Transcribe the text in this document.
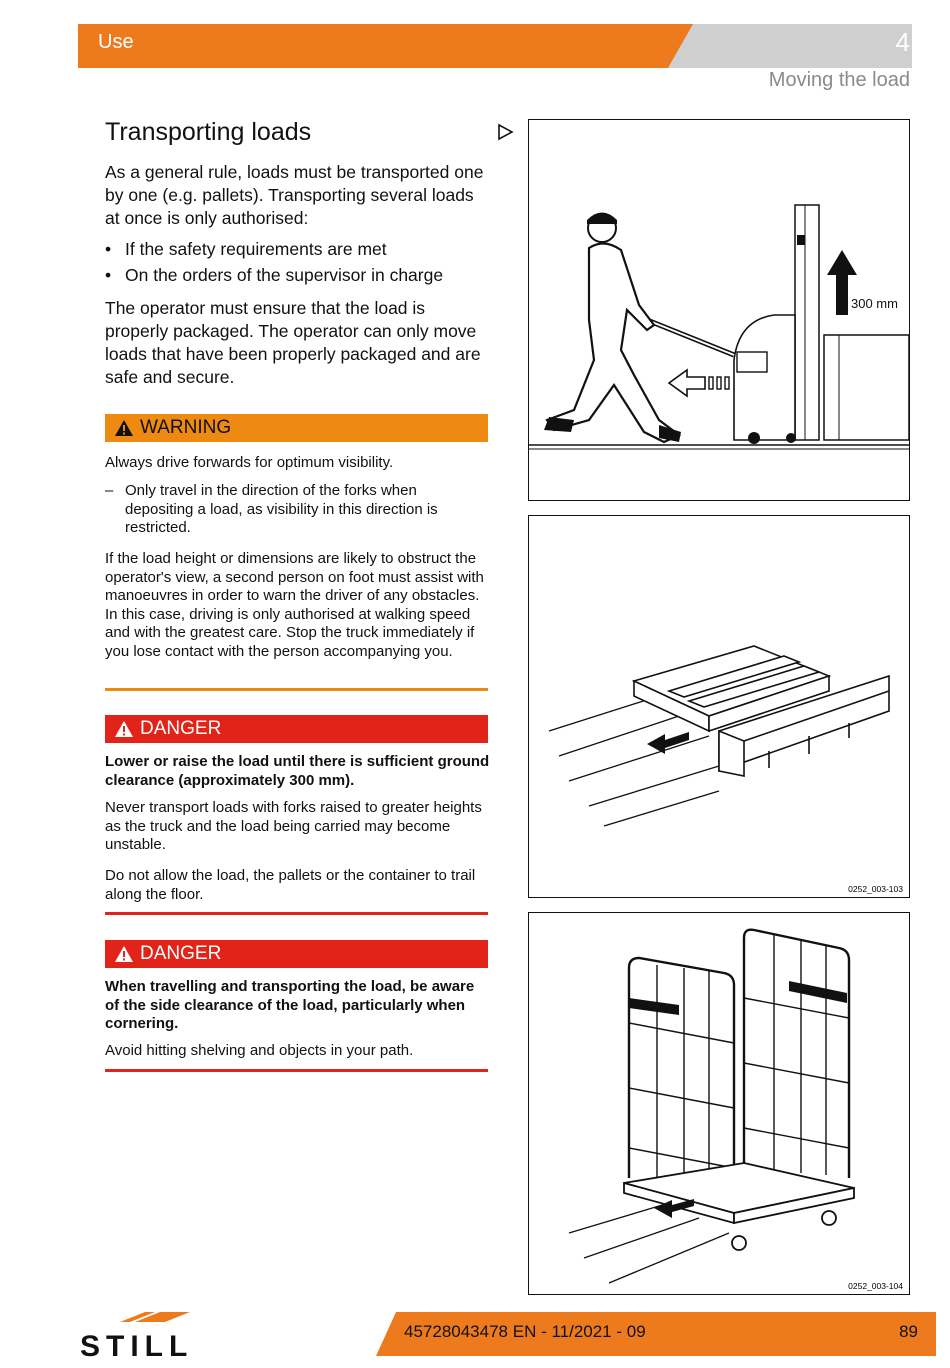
Use	4
Moving the load
Transporting loads

As a general rule, loads must be transported one by one (e.g. pallets). Transporting several loads at once is only authorised:

• If the safety requirements are met
• On the orders of the supervisor in charge

The operator must ensure that the load is properly packaged. The operator can only move loads that have been properly packaged and are safe and secure.

WARNING

Always drive forwards for optimum visibility.

– Only travel in the direction of the forks when depositing a load, as visibility in this direction is restricted.

If the load height or dimensions are likely to obstruct the operator's view, a second person on foot must assist with manoeuvres in order to warn the driver of any obstacles. In this case, driving is only authorised at walking speed and with the greatest care. Stop the truck immediately if you lose contact with the person accompanying you.

DANGER

Lower or raise the load until there is sufficient ground clearance (approximately 300 mm).

Never transport loads with forks raised to greater heights as the truck and the load being carried may become unstable.

Do not allow the load, the pallets or the container to trail along the floor.

DANGER

When travelling and transporting the load, be aware of the side clearance of the load, particularly when cornering.

Avoid hitting shelving and objects in your path.

300 mm
0252_003-103
0252_003-104
STILL	45728043478 EN - 11/2021 - 09	89
